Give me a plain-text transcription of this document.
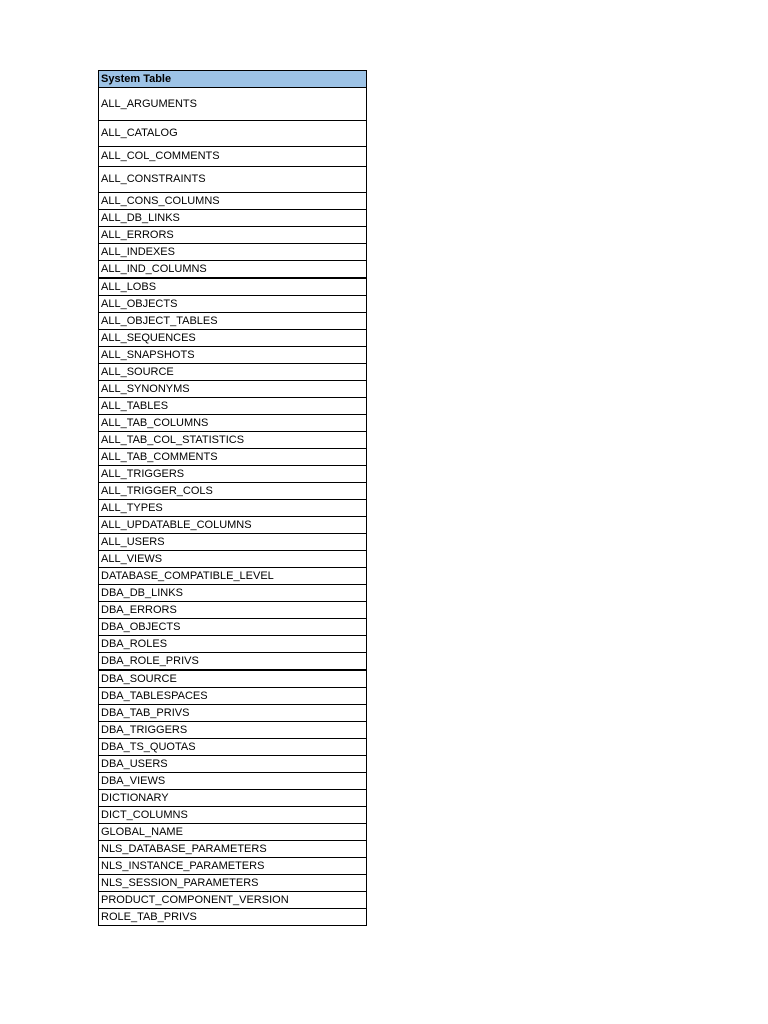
System Table
ALL_ARGUMENTS
ALL_CATALOG
ALL_COL_COMMENTS
ALL_CONSTRAINTS
ALL_CONS_COLUMNS
ALL_DB_LINKS
ALL_ERRORS
ALL_INDEXES
ALL_IND_COLUMNS
ALL_LOBS
ALL_OBJECTS
ALL_OBJECT_TABLES
ALL_SEQUENCES
ALL_SNAPSHOTS
ALL_SOURCE
ALL_SYNONYMS
ALL_TABLES
ALL_TAB_COLUMNS
ALL_TAB_COL_STATISTICS
ALL_TAB_COMMENTS
ALL_TRIGGERS
ALL_TRIGGER_COLS
ALL_TYPES
ALL_UPDATABLE_COLUMNS
ALL_USERS
ALL_VIEWS
DATABASE_COMPATIBLE_LEVEL
DBA_DB_LINKS
DBA_ERRORS
DBA_OBJECTS
DBA_ROLES
DBA_ROLE_PRIVS
DBA_SOURCE
DBA_TABLESPACES
DBA_TAB_PRIVS
DBA_TRIGGERS
DBA_TS_QUOTAS
DBA_USERS
DBA_VIEWS
DICTIONARY
DICT_COLUMNS
GLOBAL_NAME
NLS_DATABASE_PARAMETERS
NLS_INSTANCE_PARAMETERS
NLS_SESSION_PARAMETERS
PRODUCT_COMPONENT_VERSION
ROLE_TAB_PRIVS
